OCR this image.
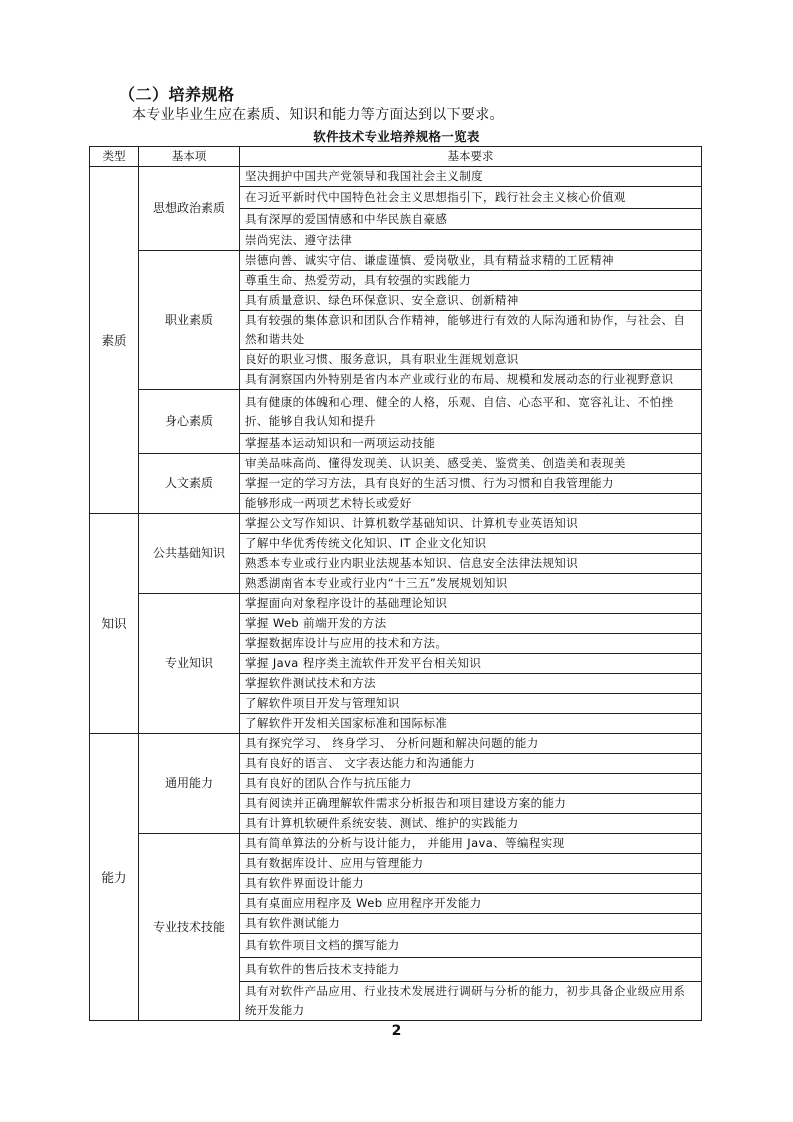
（二）培养规格
本专业毕业生应在素质、知识和能力等方面达到以下要求。
软件技术专业培养规格一览表
类型	基本项	基本要求
素质	思想政治素质	坚决拥护中国共产党领导和我国社会主义制度
		在习近平新时代中国特色社会主义思想指引下，践行社会主义核心价值观
		具有深厚的爱国情感和中华民族自豪感
		崇尚宪法、遵守法律
	职业素质	崇德向善、诚实守信、谦虚谨慎、爱岗敬业，具有精益求精的工匠精神
		尊重生命、热爱劳动，具有较强的实践能力
		具有质量意识、绿色环保意识、安全意识、创新精神
		具有较强的集体意识和团队合作精神，能够进行有效的人际沟通和协作，与社会、自然和谐共处
		良好的职业习惯、服务意识，具有职业生涯规划意识
		具有洞察国内外特别是省内本产业或行业的布局、规模和发展动态的行业视野意识
	身心素质	具有健康的体魄和心理、健全的人格，乐观、自信、心态平和、宽容礼让、不怕挫折、能够自我认知和提升
		掌握基本运动知识和一两项运动技能
	人文素质	审美品味高尚、懂得发现美、认识美、感受美、鉴赏美、创造美和表现美
		掌握一定的学习方法，具有良好的生活习惯、行为习惯和自我管理能力
		能够形成一两项艺术特长或爱好
知识	公共基础知识	掌握公文写作知识、计算机数学基础知识、计算机专业英语知识
		了解中华优秀传统文化知识、IT 企业文化知识
		熟悉本专业或行业内职业法规基本知识、信息安全法律法规知识
		熟悉湖南省本专业或行业内“十三五”发展规划知识
	专业知识	掌握面向对象程序设计的基础理论知识
		掌握 Web 前端开发的方法
		掌握数据库设计与应用的技术和方法。
		掌握 Java 程序类主流软件开发平台相关知识
		掌握软件测试技术和方法
		了解软件项目开发与管理知识
		了解软件开发相关国家标准和国际标准
能力	通用能力	具有探究学习、 终身学习、 分析问题和解决问题的能力
		具有良好的语言、 文字表达能力和沟通能力
		具有良好的团队合作与抗压能力
		具有阅读并正确理解软件需求分析报告和项目建设方案的能力
		具有计算机软硬件系统安装、测试、维护的实践能力
	专业技术技能	具有简单算法的分析与设计能力， 并能用 Java、等编程实现
		具有数据库设计、应用与管理能力
		具有软件界面设计能力
		具有桌面应用程序及 Web 应用程序开发能力
		具有软件测试能力
		具有软件项目文档的撰写能力
		具有软件的售后技术支持能力
		具有对软件产品应用、行业技术发展进行调研与分析的能力，初步具备企业级应用系统开发能力
2
